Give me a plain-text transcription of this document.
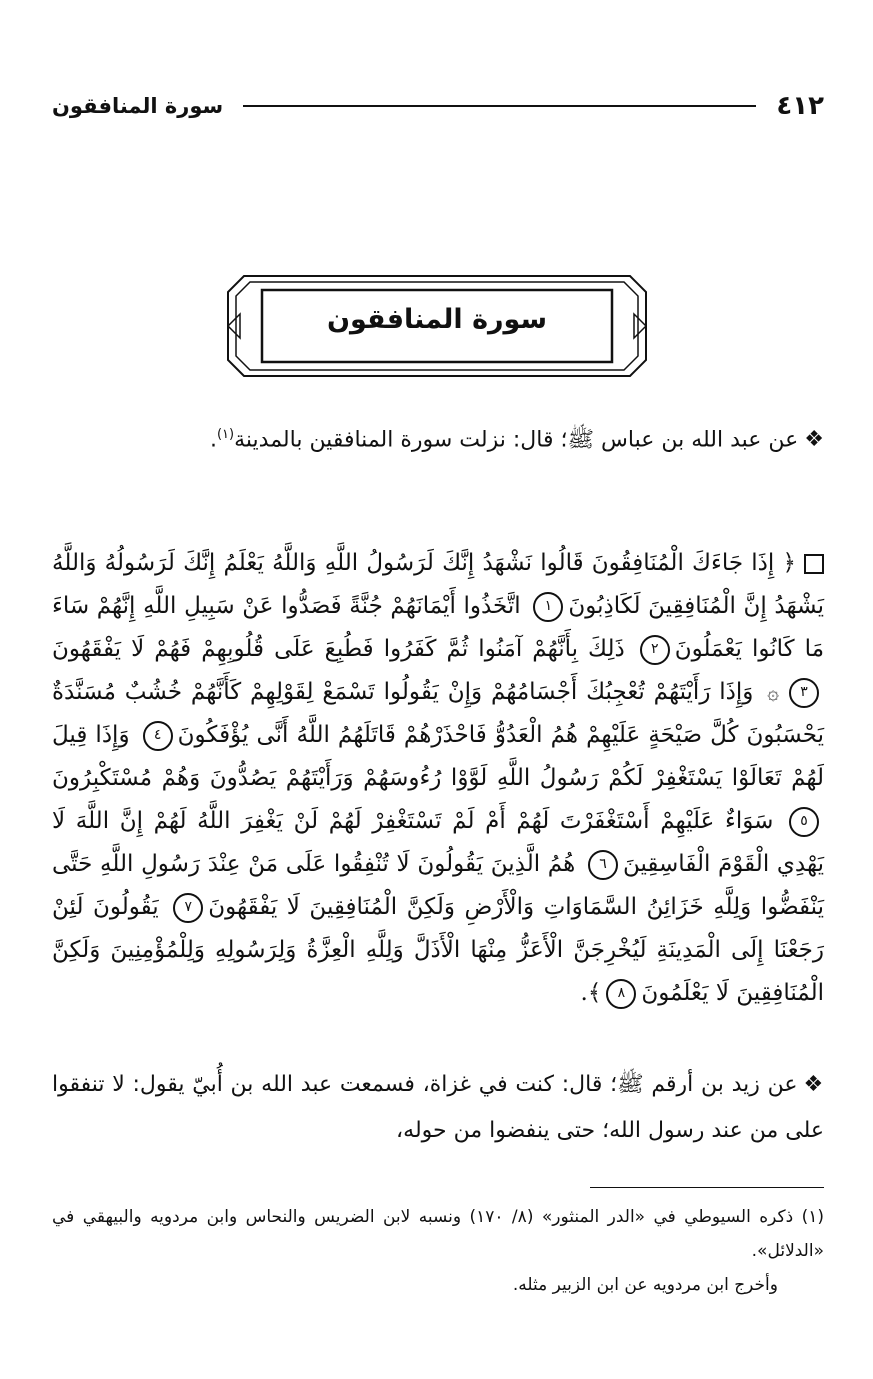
٤١٢
سورة المنافقون
سورة المنافقون
❖عن عبد الله بن عباس ﷺ؛ قال: نزلت سورة المنافقين بالمدينة$^{(١)}$.
﴿ إِذَا جَاءَكَ الْمُنَافِقُونَ قَالُوا نَشْهَدُ إِنَّكَ لَرَسُولُ اللَّهِ وَاللَّهُ يَعْلَمُ إِنَّكَ لَرَسُولُهُ وَاللَّهُ يَشْهَدُ إِنَّ الْمُنَافِقِينَ لَكَاذِبُونَ١ اتَّخَذُوا أَيْمَانَهُمْ جُنَّةً فَصَدُّوا عَنْ سَبِيلِ اللَّهِ إِنَّهُمْ سَاءَ مَا كَانُوا يَعْمَلُونَ٢ ذَلِكَ بِأَنَّهُمْ آمَنُوا ثُمَّ كَفَرُوا فَطُبِعَ عَلَى قُلُوبِهِمْ فَهُمْ لَا يَفْقَهُونَ٣۞ وَإِذَا رَأَيْتَهُمْ تُعْجِبُكَ أَجْسَامُهُمْ وَإِنْ يَقُولُوا تَسْمَعْ لِقَوْلِهِمْ كَأَنَّهُمْ خُشُبٌ مُسَنَّدَةٌ يَحْسَبُونَ كُلَّ صَيْحَةٍ عَلَيْهِمْ هُمُ الْعَدُوُّ فَاحْذَرْهُمْ قَاتَلَهُمُ اللَّهُ أَنَّى يُؤْفَكُونَ٤ وَإِذَا قِيلَ لَهُمْ تَعَالَوْا يَسْتَغْفِرْ لَكُمْ رَسُولُ اللَّهِ لَوَّوْا رُءُوسَهُمْ وَرَأَيْتَهُمْ يَصُدُّونَ وَهُمْ مُسْتَكْبِرُونَ٥ سَوَاءٌ عَلَيْهِمْ أَسْتَغْفَرْتَ لَهُمْ أَمْ لَمْ تَسْتَغْفِرْ لَهُمْ لَنْ يَغْفِرَ اللَّهُ لَهُمْ إِنَّ اللَّهَ لَا يَهْدِي الْقَوْمَ الْفَاسِقِينَ٦ هُمُ الَّذِينَ يَقُولُونَ لَا تُنْفِقُوا عَلَى مَنْ عِنْدَ رَسُولِ اللَّهِ حَتَّى يَنْفَضُّوا وَلِلَّهِ خَزَائِنُ السَّمَاوَاتِ وَالْأَرْضِ وَلَكِنَّ الْمُنَافِقِينَ لَا يَفْقَهُونَ٧ يَقُولُونَ لَئِنْ رَجَعْنَا إِلَى الْمَدِينَةِ لَيُخْرِجَنَّ الْأَعَزُّ مِنْهَا الْأَذَلَّ وَلِلَّهِ الْعِزَّةُ وَلِرَسُولِهِ وَلِلْمُؤْمِنِينَ وَلَكِنَّ الْمُنَافِقِينَ لَا يَعْلَمُونَ٨﴾.
❖عن زيد بن أرقم ﷺ؛ قال: كنت في غزاة، فسمعت عبد الله بن أُبيّ يقول: لا تنفقوا على من عند رسول الله؛ حتى ينفضوا من حوله،

(١) ذكره السيوطي في «الدر المنثور» (٨/ ١٧٠) ونسبه لابن الضريس والنحاس وابن مردويه والبيهقي في «الدلائل».

وأخرج ابن مردويه عن ابن الزبير مثله.
